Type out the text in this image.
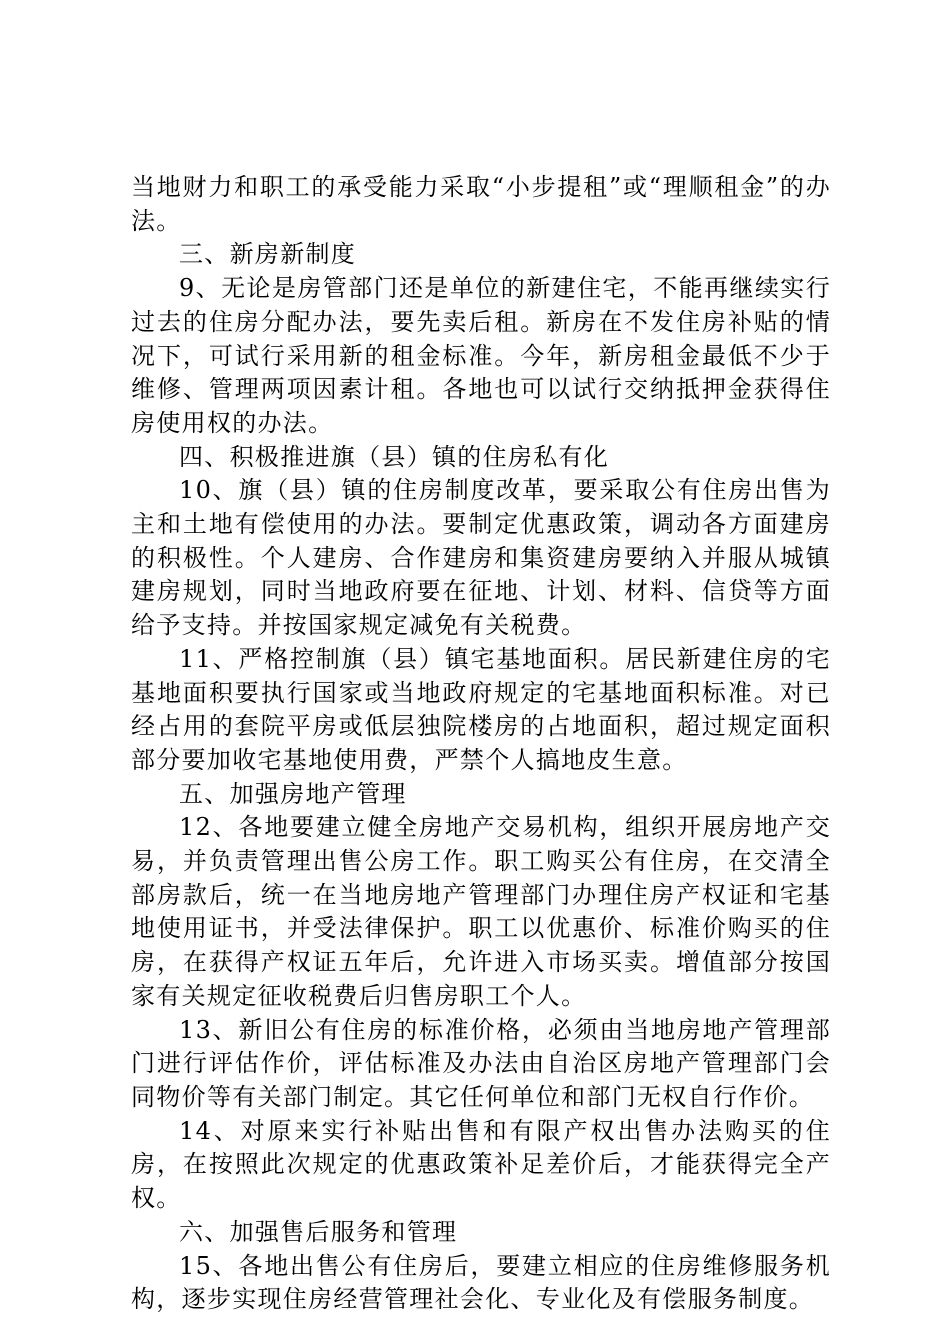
当地财力和职工的承受能力采取“小步提租”或“理顺租金”的办法。

三、新房新制度

9、无论是房管部门还是单位的新建住宅，不能再继续实行过去的住房分配办法，要先卖后租。新房在不发住房补贴的情况下，可试行采用新的租金标准。今年，新房租金最低不少于维修、管理两项因素计租。各地也可以试行交纳抵押金获得住房使用权的办法。

四、积极推进旗（县）镇的住房私有化

10、旗（县）镇的住房制度改革，要采取公有住房出售为主和土地有偿使用的办法。要制定优惠政策，调动各方面建房的积极性。个人建房、合作建房和集资建房要纳入并服从城镇建房规划，同时当地政府要在征地、计划、材料、信贷等方面给予支持。并按国家规定减免有关税费。

11、严格控制旗（县）镇宅基地面积。居民新建住房的宅基地面积要执行国家或当地政府规定的宅基地面积标准。对已经占用的套院平房或低层独院楼房的占地面积，超过规定面积部分要加收宅基地使用费，严禁个人搞地皮生意。

五、加强房地产管理

12、各地要建立健全房地产交易机构，组织开展房地产交易，并负责管理出售公房工作。职工购买公有住房，在交清全部房款后，统一在当地房地产管理部门办理住房产权证和宅基地使用证书，并受法律保护。职工以优惠价、标准价购买的住房，在获得产权证五年后，允许进入市场买卖。增值部分按国家有关规定征收税费后归售房职工个人。

13、新旧公有住房的标准价格，必须由当地房地产管理部门进行评估作价，评估标准及办法由自治区房地产管理部门会同物价等有关部门制定。其它任何单位和部门无权自行作价。

14、对原来实行补贴出售和有限产权出售办法购买的住房，在按照此次规定的优惠政策补足差价后，才能获得完全产权。

六、加强售后服务和管理

15、各地出售公有住房后，要建立相应的住房维修服务机构，逐步实现住房经营管理社会化、专业化及有偿服务制度。
